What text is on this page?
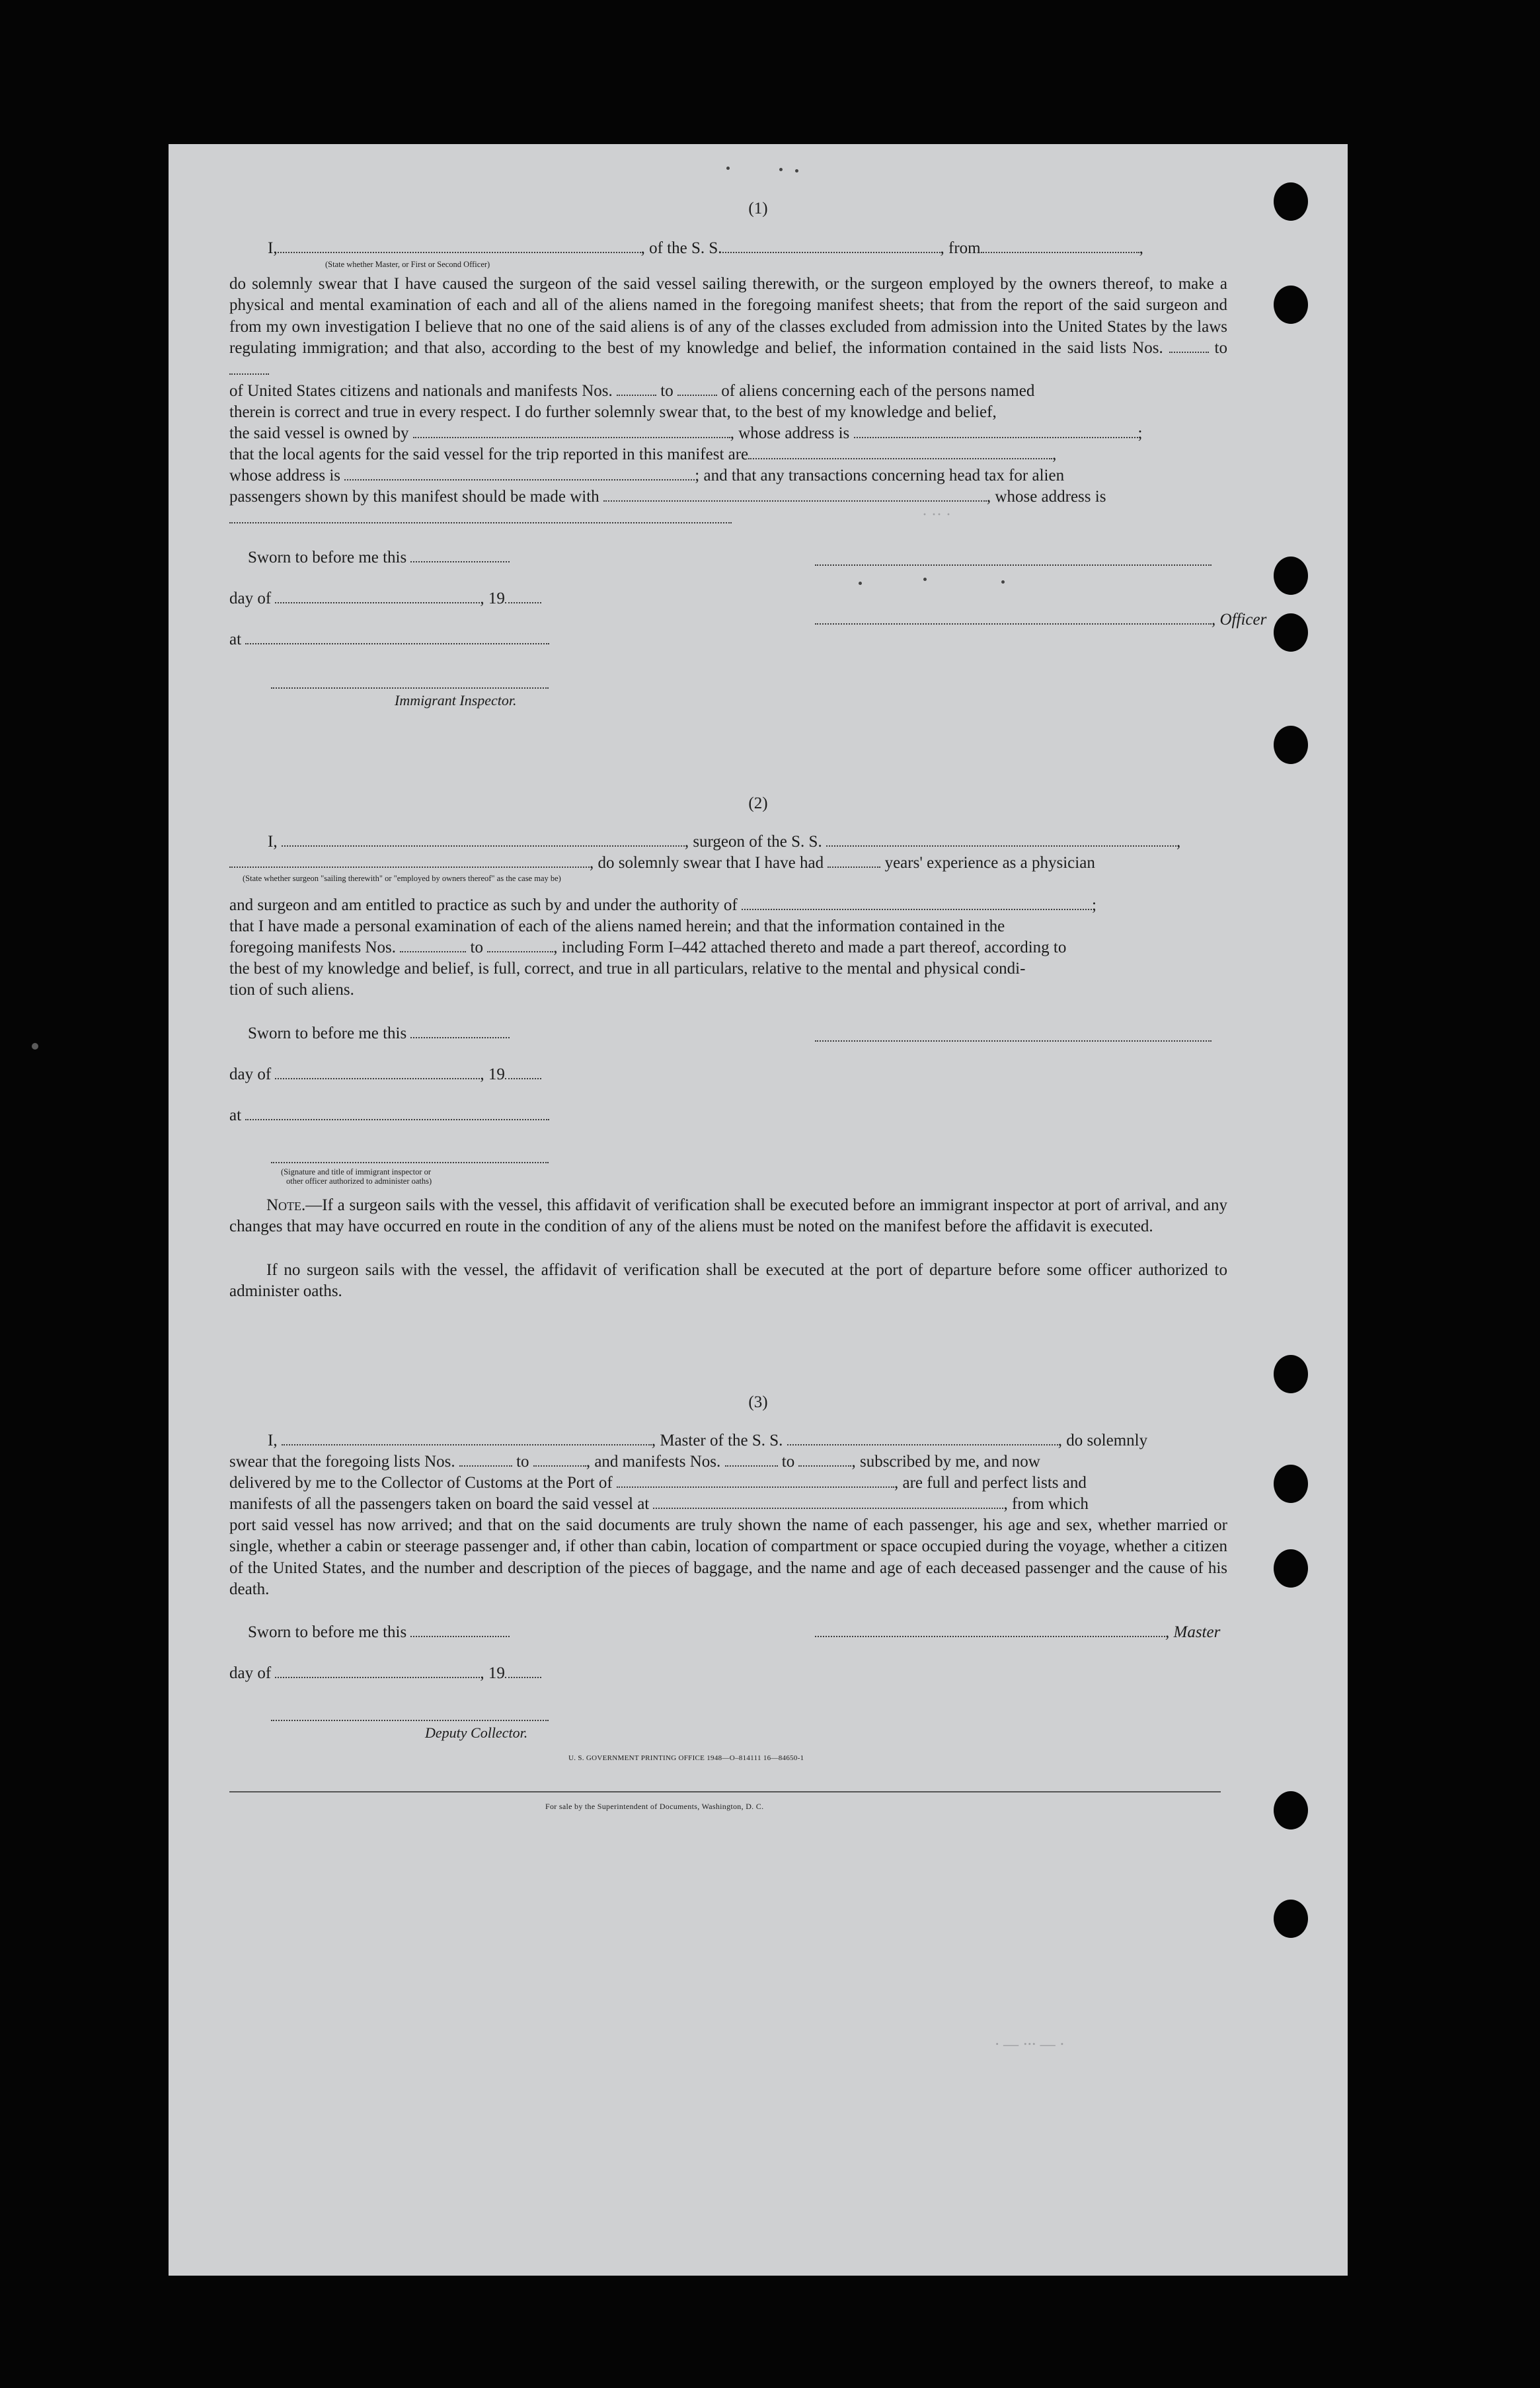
(1)
I,	, of the S. S.	, from	,
(State whether Master, or First or Second Officer)
do solemnly swear that I have caused the surgeon of the said vessel sailing therewith, or the surgeon employed by the owners thereof, to make a physical and mental examination of each and all of the aliens named in the foregoing manifest sheets; that from the report of the said surgeon and from my own investigation I believe that no one of the said aliens is of any of the classes excluded from admission into the United States by the laws regulating immigration; and that also, according to the best of my knowledge and belief, the information contained in the said lists Nos.	to
of United States citizens and nationals and manifests Nos.	to	of aliens concerning each of the persons named
therein is correct and true in every respect. I do further solemnly swear that, to the best of my knowledge and belief,
the said vessel is owned by	, whose address is	;
that the local agents for the said vessel for the trip reported in this manifest are	,
whose address is	; and that any transactions concerning head tax for alien
passengers shown by this manifest should be made with	, whose address is
Sworn to before me this
day of	, 19
, Officer
at
Immigrant Inspector.
· ·· ·
(2)
I,	, surgeon of the S. S.	,
, do solemnly swear that I have had	years' experience as a physician
(State whether surgeon "sailing therewith" or "employed by owners thereof" as the case may be)
and surgeon and am entitled to practice as such by and under the authority of	;
that I have made a personal examination of each of the aliens named herein; and that the information contained in the
foregoing manifests Nos.	to	, including Form I–442 attached thereto and made a part thereof, according to
the best of my knowledge and belief, is full, correct, and true in all particulars, relative to the mental and physical condi-
tion of such aliens.
Sworn to before me this
day of	, 19
at
(Signature and title of immigrant inspector or
other officer authorized to administer oaths)
Note.—If a surgeon sails with the vessel, this affidavit of verification shall be executed before an immigrant inspector at port of arrival, and any changes that may have occurred en route in the condition of any of the aliens must be noted on the manifest before the affidavit is executed.
If no surgeon sails with the vessel, the affidavit of verification shall be executed at the port of departure before some officer authorized to administer oaths.
(3)
I,	, Master of the S. S.	, do solemnly
swear that the foregoing lists Nos.	to	, and manifests Nos.	to	, subscribed by me, and now
delivered by me to the Collector of Customs at the Port of	, are full and perfect lists and
manifests of all the passengers taken on board the said vessel at	, from which
port said vessel has now arrived; and that on the said documents are truly shown the name of each passenger, his age and sex, whether married or single, whether a cabin or steerage passenger and, if other than cabin, location of compartment or space occupied during the voyage, whether a citizen of the United States, and the number and description of the pieces of baggage, and the name and age of each deceased passenger and the cause of his death.
Sworn to before me this	, Master
day of	, 19
Deputy Collector.
U. S. GOVERNMENT PRINTING OFFICE 1948—O–814111 16—84650-1
For sale by the Superintendent of Documents, Washington, D. C.
· — ··· — ·
